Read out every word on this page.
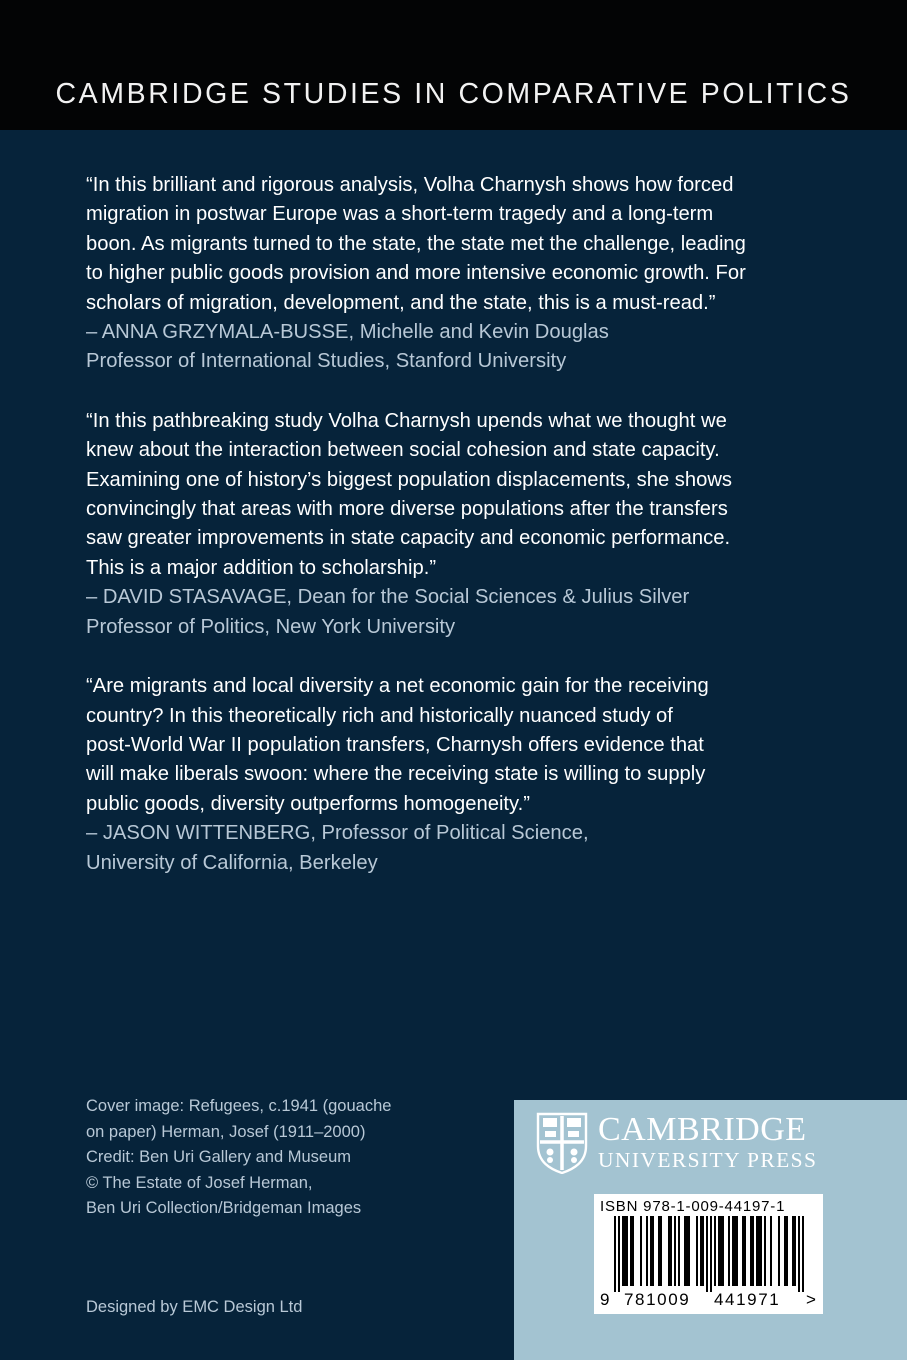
CAMBRIDGE STUDIES IN COMPARATIVE POLITICS

“In this brilliant and rigorous analysis, Volha Charnysh shows how forced

migration in postwar Europe was a short-term tragedy and a long-term

boon. As migrants turned to the state, the state met the challenge, leading

to higher public goods provision and more intensive economic growth. For

scholars of migration, development, and the state, this is a must-read.”

– ANNA GRZYMALA-BUSSE, Michelle and Kevin Douglas

Professor of International Studies, Stanford University

“In this pathbreaking study Volha Charnysh upends what we thought we

knew about the interaction between social cohesion and state capacity.

Examining one of history’s biggest population displacements, she shows

convincingly that areas with more diverse populations after the transfers

saw greater improvements in state capacity and economic performance.

This is a major addition to scholarship.”

– DAVID STASAVAGE, Dean for the Social Sciences & Julius Silver

Professor of Politics, New York University

“Are migrants and local diversity a net economic gain for the receiving

country? In this theoretically rich and historically nuanced study of

post-World War II population transfers, Charnysh offers evidence that

will make liberals swoon: where the receiving state is willing to supply

public goods, diversity outperforms homogeneity.”

– JASON WITTENBERG, Professor of Political Science,

University of California, Berkeley

Cover image: Refugees, c.1941 (gouache
on paper) Herman, Josef (1911–2000)
Credit: Ben Uri Gallery and Museum
© The Estate of Josef Herman,
Ben Uri Collection/Bridgeman Images
Designed by EMC Design Ltd
CAMBRIDGE
UNIVERSITY PRESS
ISBN 978-1-009-44197-1
9 781009 441971 >
